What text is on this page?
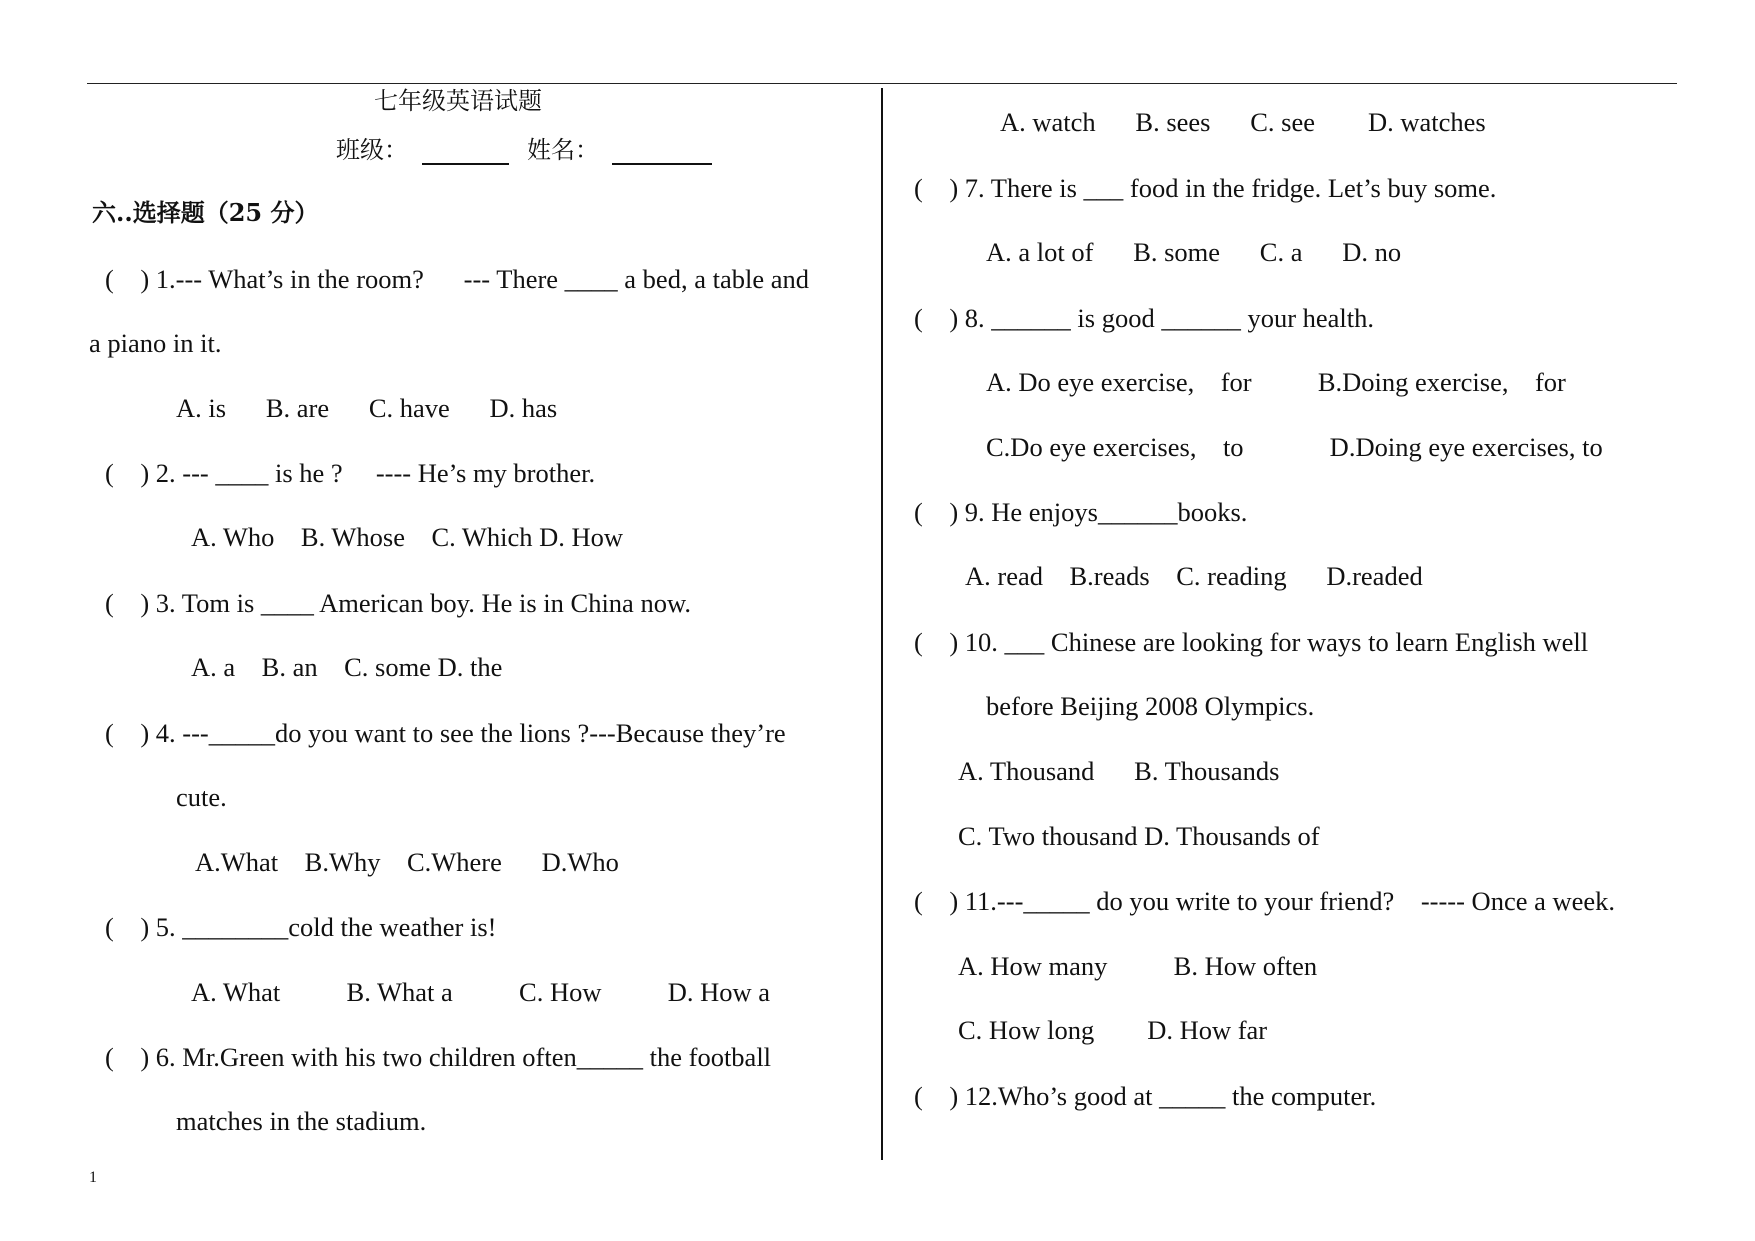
七年级英语试题
班级：	姓名：
六..选择题（25 分）
(    ) 1.--- What’s in the room?      --- There ____ a bed, a table and
a piano in it.
A. is      B. are      C. have      D. has
(    ) 2. --- ____ is he ?     ---- He’s my brother.
A. Who    B. Whose    C. Which D. How
(    ) 3. Tom is ____ American boy. He is in China now.
A. a    B. an    C. some D. the
(    ) 4. ---_____do you want to see the lions ?---Because they’re
cute.
A.What    B.Why    C.Where      D.Who
(    ) 5. ________cold the weather is!
A. What          B. What a          C. How          D. How a
(    ) 6. Mr.Green with his two children often_____ the football
matches in the stadium.
A. watch      B. sees      C. see        D. watches
(    ) 7. There is ___ food in the fridge. Let’s buy some.
A. a lot of      B. some      C. a      D. no
(    ) 8. ______ is good ______ your health.
A. Do eye exercise,    for          B.Doing exercise,    for
C.Do eye exercises,    to             D.Doing eye exercises, to
(    ) 9. He enjoys______books.
A. read    B.reads    C. reading      D.readed
(    ) 10. ___ Chinese are looking for ways to learn English well
before Beijing 2008 Olympics.
A. Thousand      B. Thousands
C. Two thousand D. Thousands of
(    ) 11.---_____ do you write to your friend?    ----- Once a week.
A. How many          B. How often
C. How long        D. How far
(    ) 12.Who’s good at _____ the computer.
1
